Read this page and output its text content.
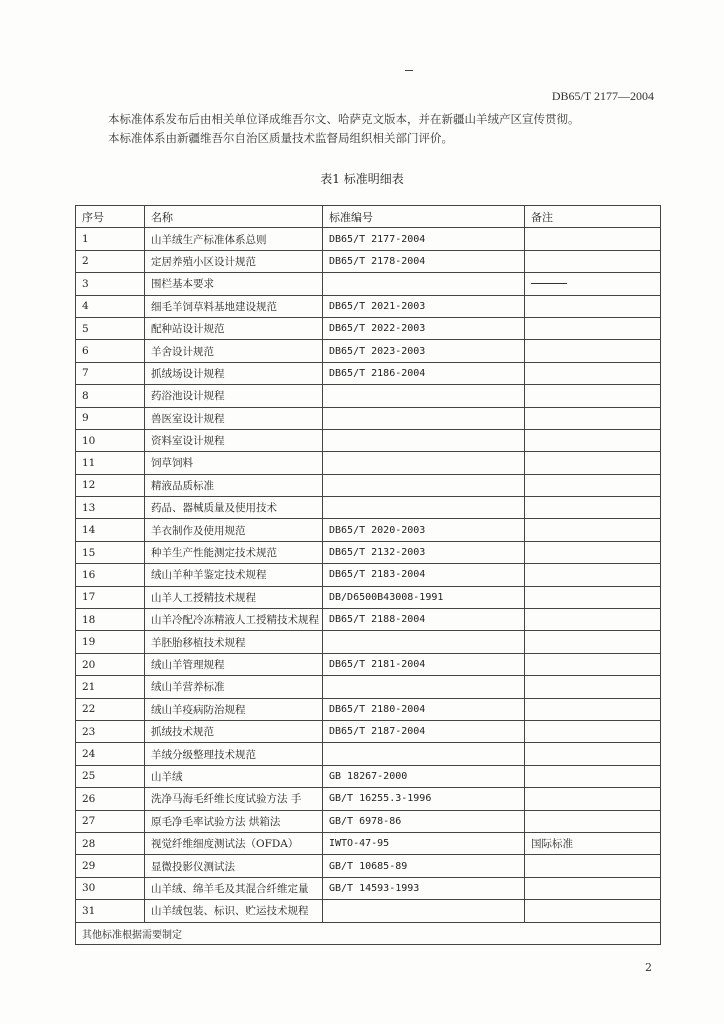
DB65/T 2177—2004

本标准体系发布后由相关单位译成维吾尔文、哈萨克文版本，并在新疆山羊绒产区宣传贯彻。

本标准体系由新疆维吾尔自治区质量技术监督局组织相关部门评价。

表1 标准明细表
序号	名称	标准编号	备注
1	山羊绒生产标准体系总则	DB65/T 2177-2004	
2	定居养殖小区设计规范	DB65/T 2178-2004	
3	围栏基本要求		
4	细毛羊饲草料基地建设规范	DB65/T 2021-2003	
5	配种站设计规范	DB65/T 2022-2003	
6	羊舍设计规范	DB65/T 2023-2003	
7	抓绒场设计规程	DB65/T 2186-2004	
8	药浴池设计规程		
9	兽医室设计规程		
10	资料室设计规程		
11	饲草饲料		
12	精液品质标准		
13	药品、器械质量及使用技术		
14	羊衣制作及使用规范	DB65/T 2020-2003	
15	种羊生产性能测定技术规范	DB65/T 2132-2003	
16	绒山羊种羊鉴定技术规程	DB65/T 2183-2004	
17	山羊人工授精技术规程	DB/D6500B43008-1991	
18	山羊冷配冷冻精液人工授精技术规程	DB65/T 2188-2004	
19	羊胚胎移植技术规程		
20	绒山羊管理规程	DB65/T 2181-2004	
21	绒山羊营养标准		
22	绒山羊疫病防治规程	DB65/T 2180-2004	
23	抓绒技术规范	DB65/T 2187-2004	
24	羊绒分级整理技术规范		
25	山羊绒	GB 18267-2000	
26	洗净马海毛纤维长度试验方法 手	GB/T 16255.3-1996	
27	原毛净毛率试验方法 烘箱法	GB/T 6978-86	
28	视觉纤维细度测试法（OFDA）	IWTO-47-95	国际标准
29	显微投影仪测试法	GB/T 10685-89	
30	山羊绒、绵羊毛及其混合纤维定量	GB/T 14593-1993	
31	山羊绒包装、标识、贮运技术规程		
其他标准根据需要制定			
2
